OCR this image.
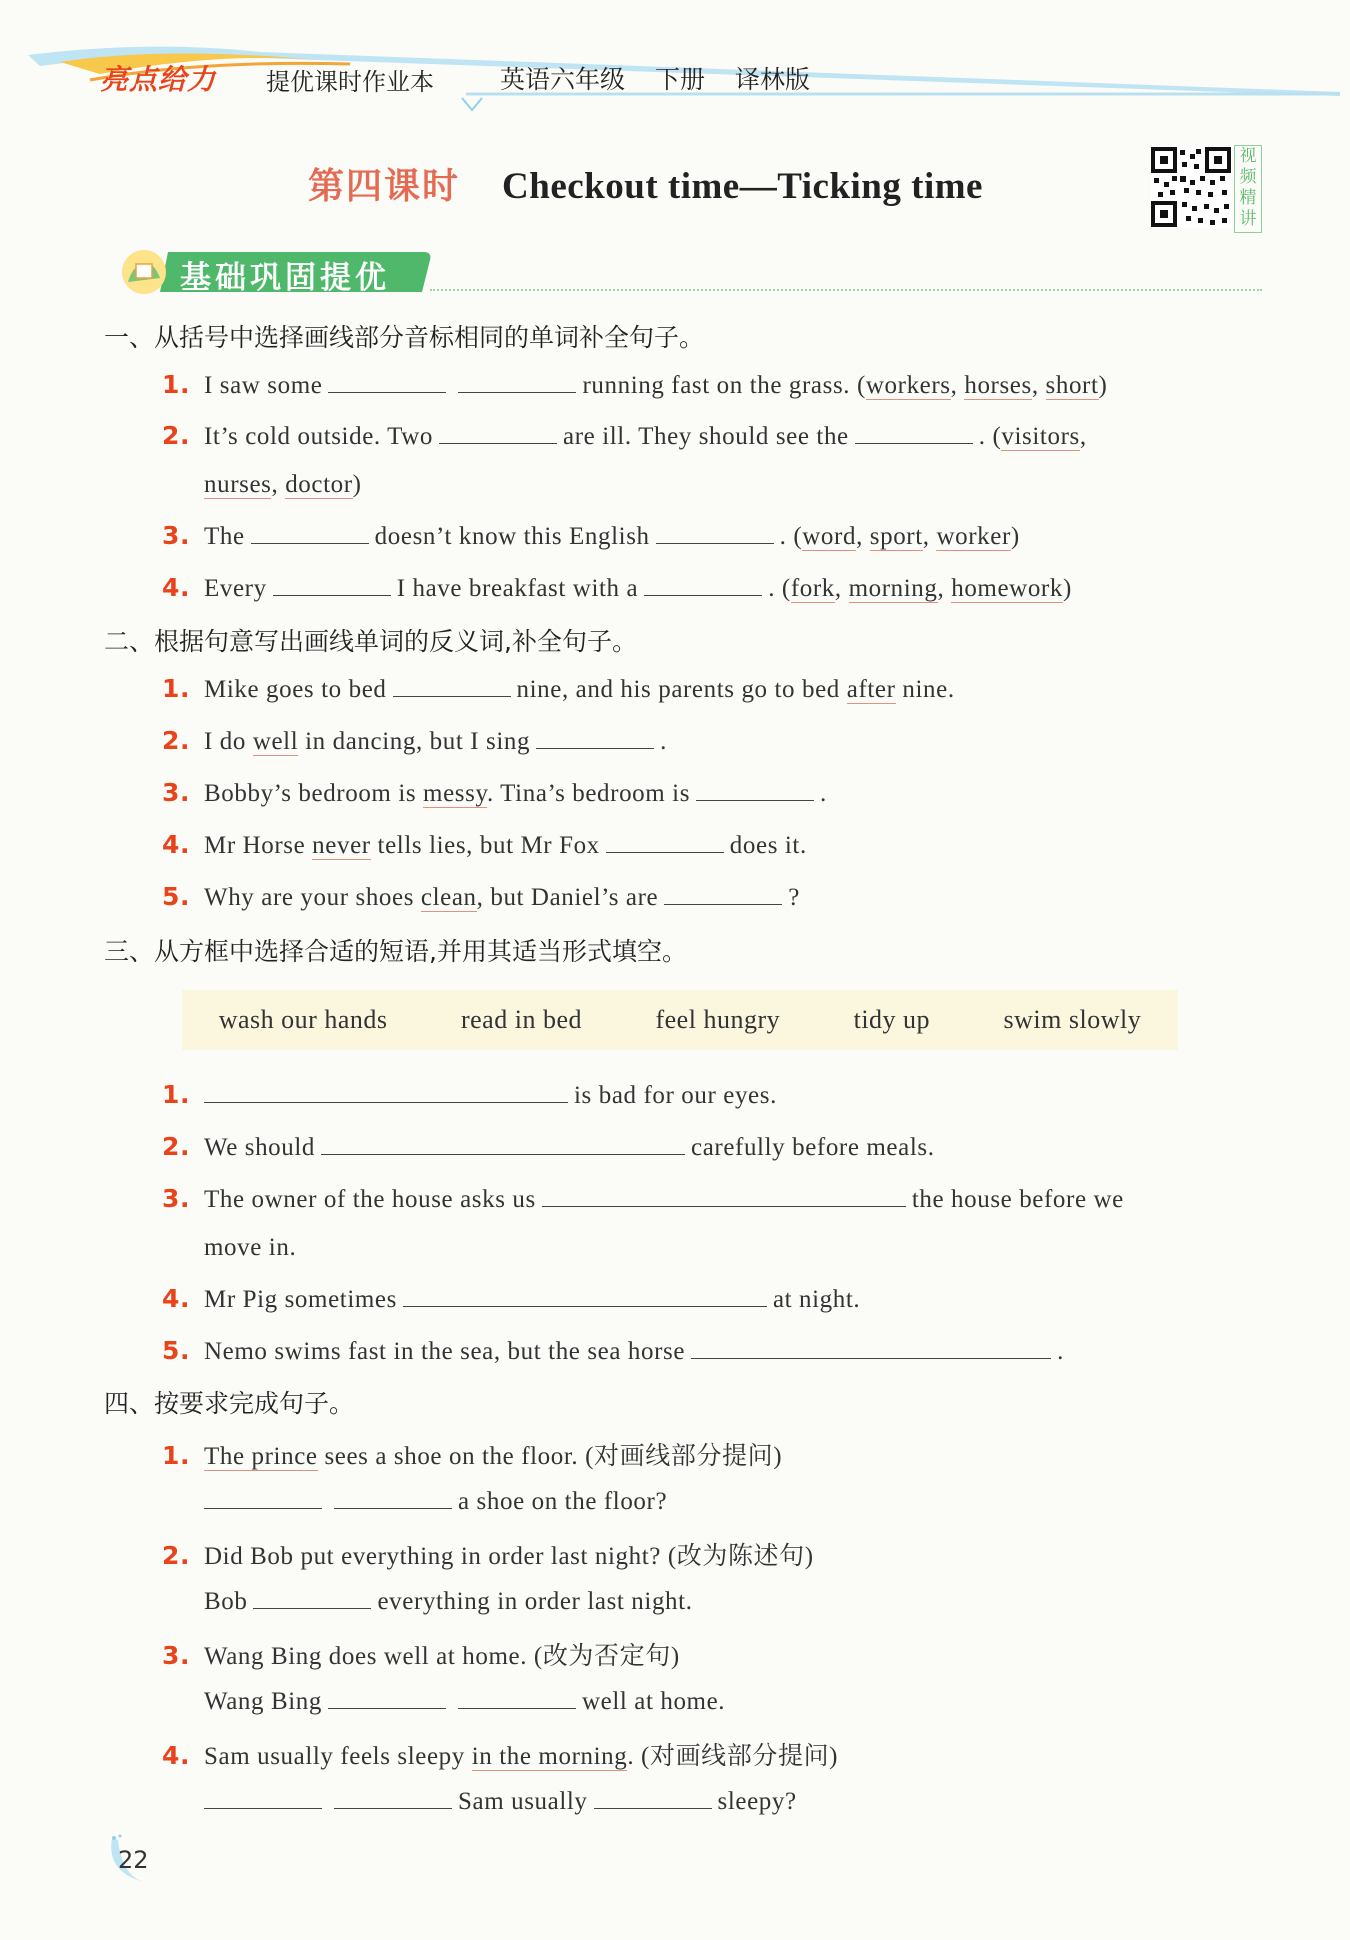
亮点给力 提优课时作业本	英语六年级 下册 译林版
第四课时 Checkout time—Ticking time
视频精讲
基础巩固提优
一、从括号中选择画线部分音标相同的单词补全句子。
1. I saw some	running fast on the grass. (workers, horses, short)
2. It’s cold outside. Two	are ill. They should see the	. (visitors,
nurses, doctor)
3. The	doesn’t know this English	. (word, sport, worker)
4. Every	I have breakfast with a	. (fork, morning, homework)
二、根据句意写出画线单词的反义词,补全句子。
1. Mike goes to bed	nine, and his parents go to bed after nine.
2. I do well in dancing, but I sing	.
3. Bobby’s bedroom is messy. Tina’s bedroom is	.
4. Mr Horse never tells lies, but Mr Fox	does it.
5. Why are your shoes clean, but Daniel’s are	?
三、从方框中选择合适的短语,并用其适当形式填空。
wash our hands	read in bed	feel hungry	tidy up	swim slowly
1.	is bad for our eyes.
2. We should	carefully before meals.
3. The owner of the house asks us	the house before we
move in.
4. Mr Pig sometimes	at night.
5. Nemo swims fast in the sea, but the sea horse	.
四、按要求完成句子。
1. The prince sees a shoe on the floor. (对画线部分提问)
a shoe on the floor?
2. Did Bob put everything in order last night? (改为陈述句)
Bob	everything in order last night.
3. Wang Bing does well at home. (改为否定句)
Wang Bing	well at home.
4. Sam usually feels sleepy in the morning. (对画线部分提问)
Sam usually	sleepy?
22
